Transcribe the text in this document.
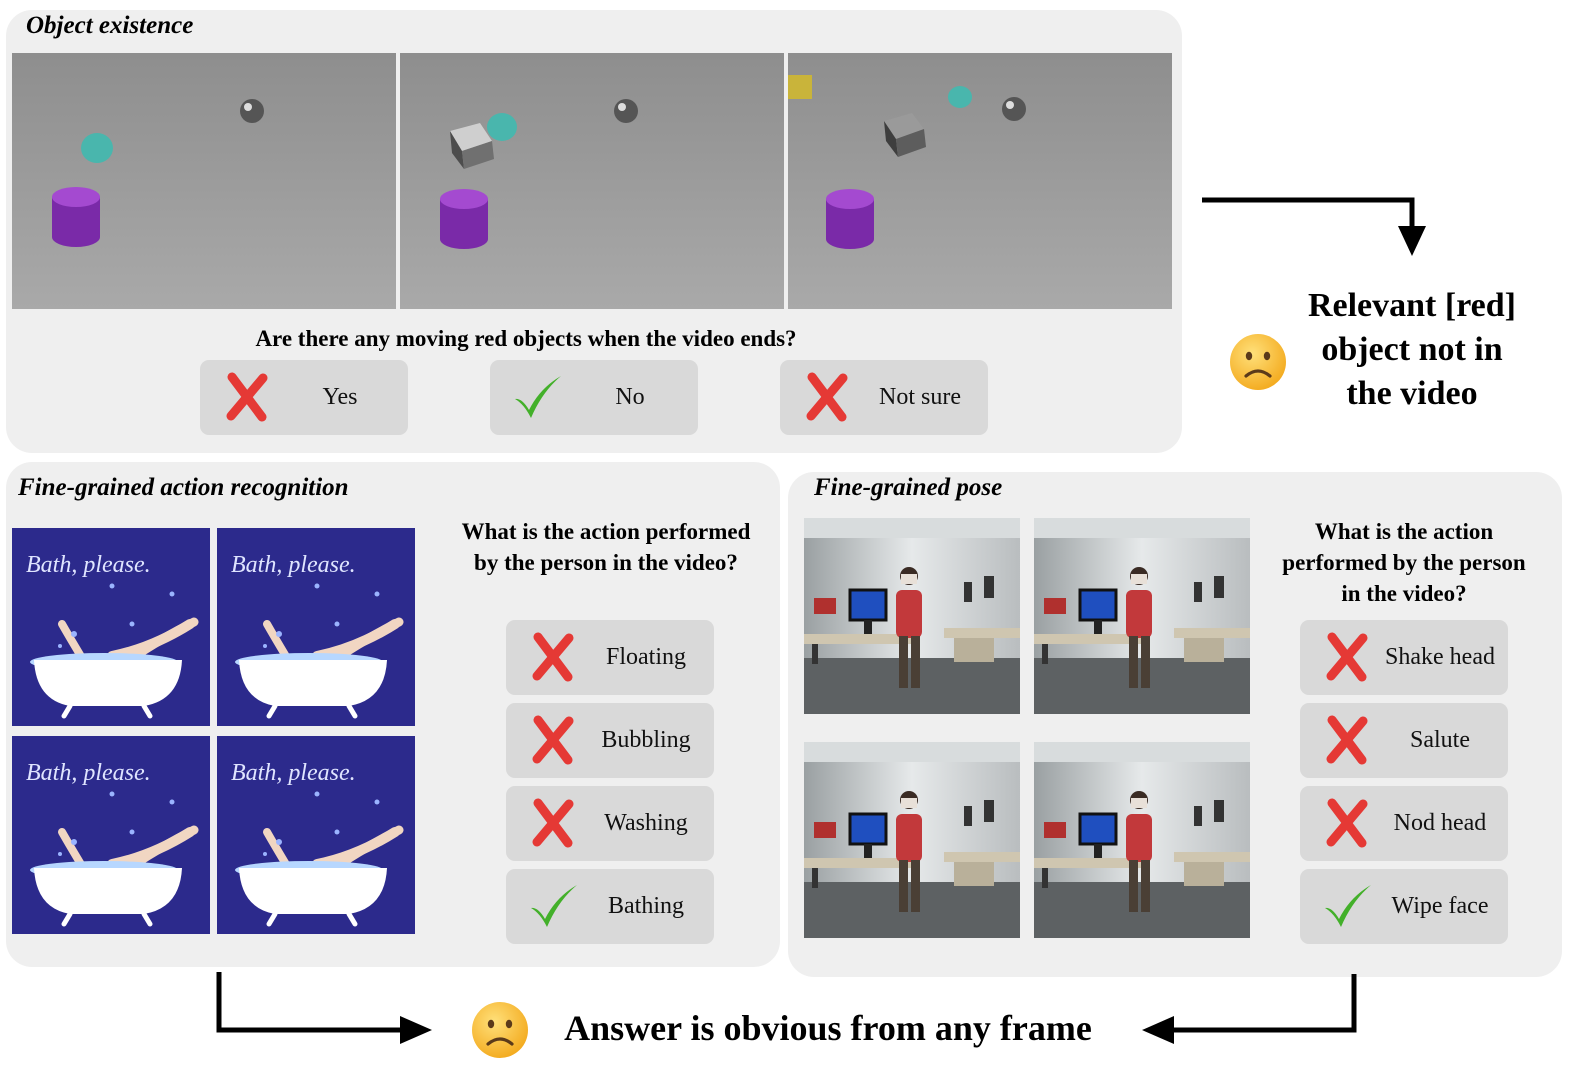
Object existence
Are there any moving red objects when the video ends?
Yes	No	Not sure
Relevant [red]
object not in
the video
Fine-grained action recognition
Bath, please.	Bath, please.
Bath, please.	Bath, please.
What is the action performed
by the person in the video?
Floating
Bubbling
Washing
Bathing
Fine-grained pose
What is the action
performed by the person
in the video?
Shake head
Salute
Nod head
Wipe face
Answer is obvious from any frame
